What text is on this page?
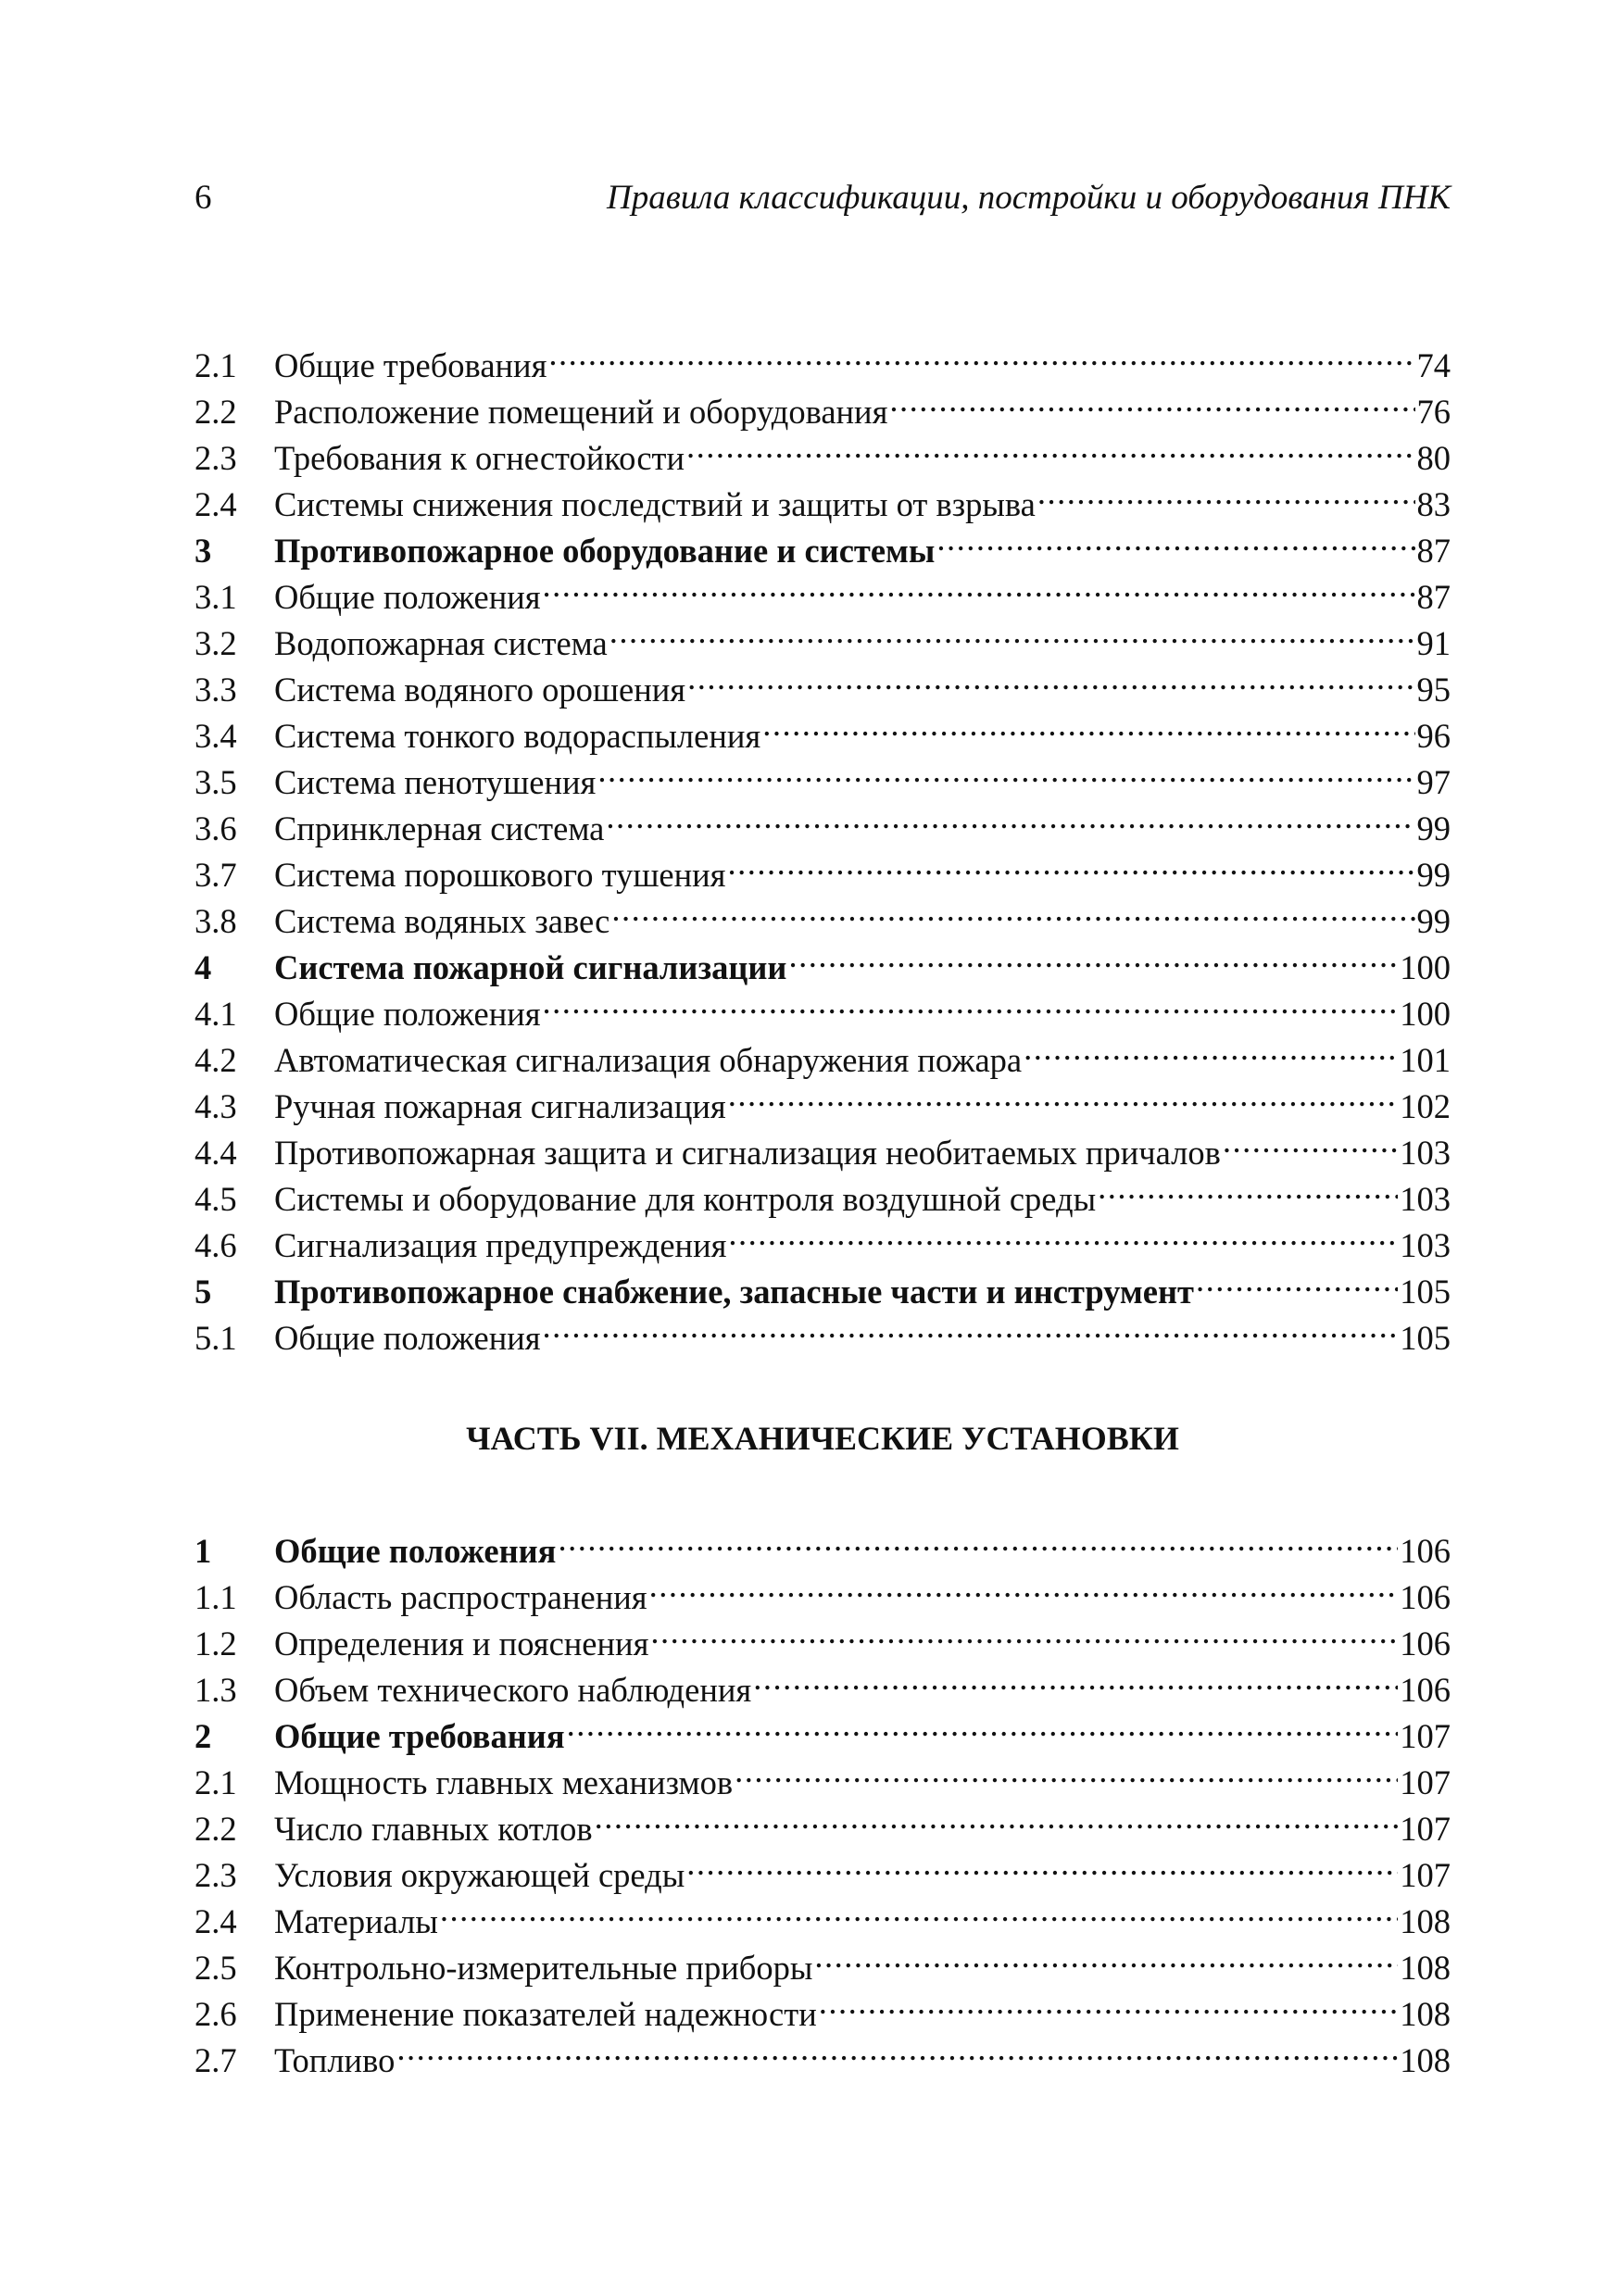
6	Правила классификации, постройки и оборудования ПНК
2.1	Общие требования .....	74
2.2	Расположение помещений и оборудования .....	76
2.3	Требования к огнестойкости .....	80
2.4	Системы снижения последствий и защиты от взрыва .....	83
3	Противопожарное оборудование и системы .....	87
3.1	Общие положения .....	87
3.2	Водопожарная система .....	91
3.3	Система водяного орошения .....	95
3.4	Система тонкого водораспыления .....	96
3.5	Система пенотушения .....	97
3.6	Спринклерная система .....	99
3.7	Система порошкового тушения .....	99
3.8	Система водяных завес .....	99
4	Система пожарной сигнализации .....	100
4.1	Общие положения .....	100
4.2	Автоматическая сигнализация обнаружения пожара .....	101
4.3	Ручная пожарная сигнализация .....	102
4.4	Противопожарная защита и сигнализация необитаемых причалов .....	103
4.5	Системы и оборудование для контроля воздушной среды .....	103
4.6	Сигнализация предупреждения .....	103
5	Противопожарное снабжение, запасные части и инструмент .....	105
5.1	Общие положения .....	105
ЧАСТЬ VII. МЕХАНИЧЕСКИЕ УСТАНОВКИ
1	Общие положения .....	106
1.1	Область распространения .....	106
1.2	Определения и пояснения .....	106
1.3	Объем технического наблюдения .....	106
2	Общие требования .....	107
2.1	Мощность главных механизмов .....	107
2.2	Число главных котлов .....	107
2.3	Условия окружающей среды .....	107
2.4	Материалы .....	108
2.5	Контрольно-измерительные приборы .....	108
2.6	Применение показателей надежности .....	108
2.7	Топливо .....	108
